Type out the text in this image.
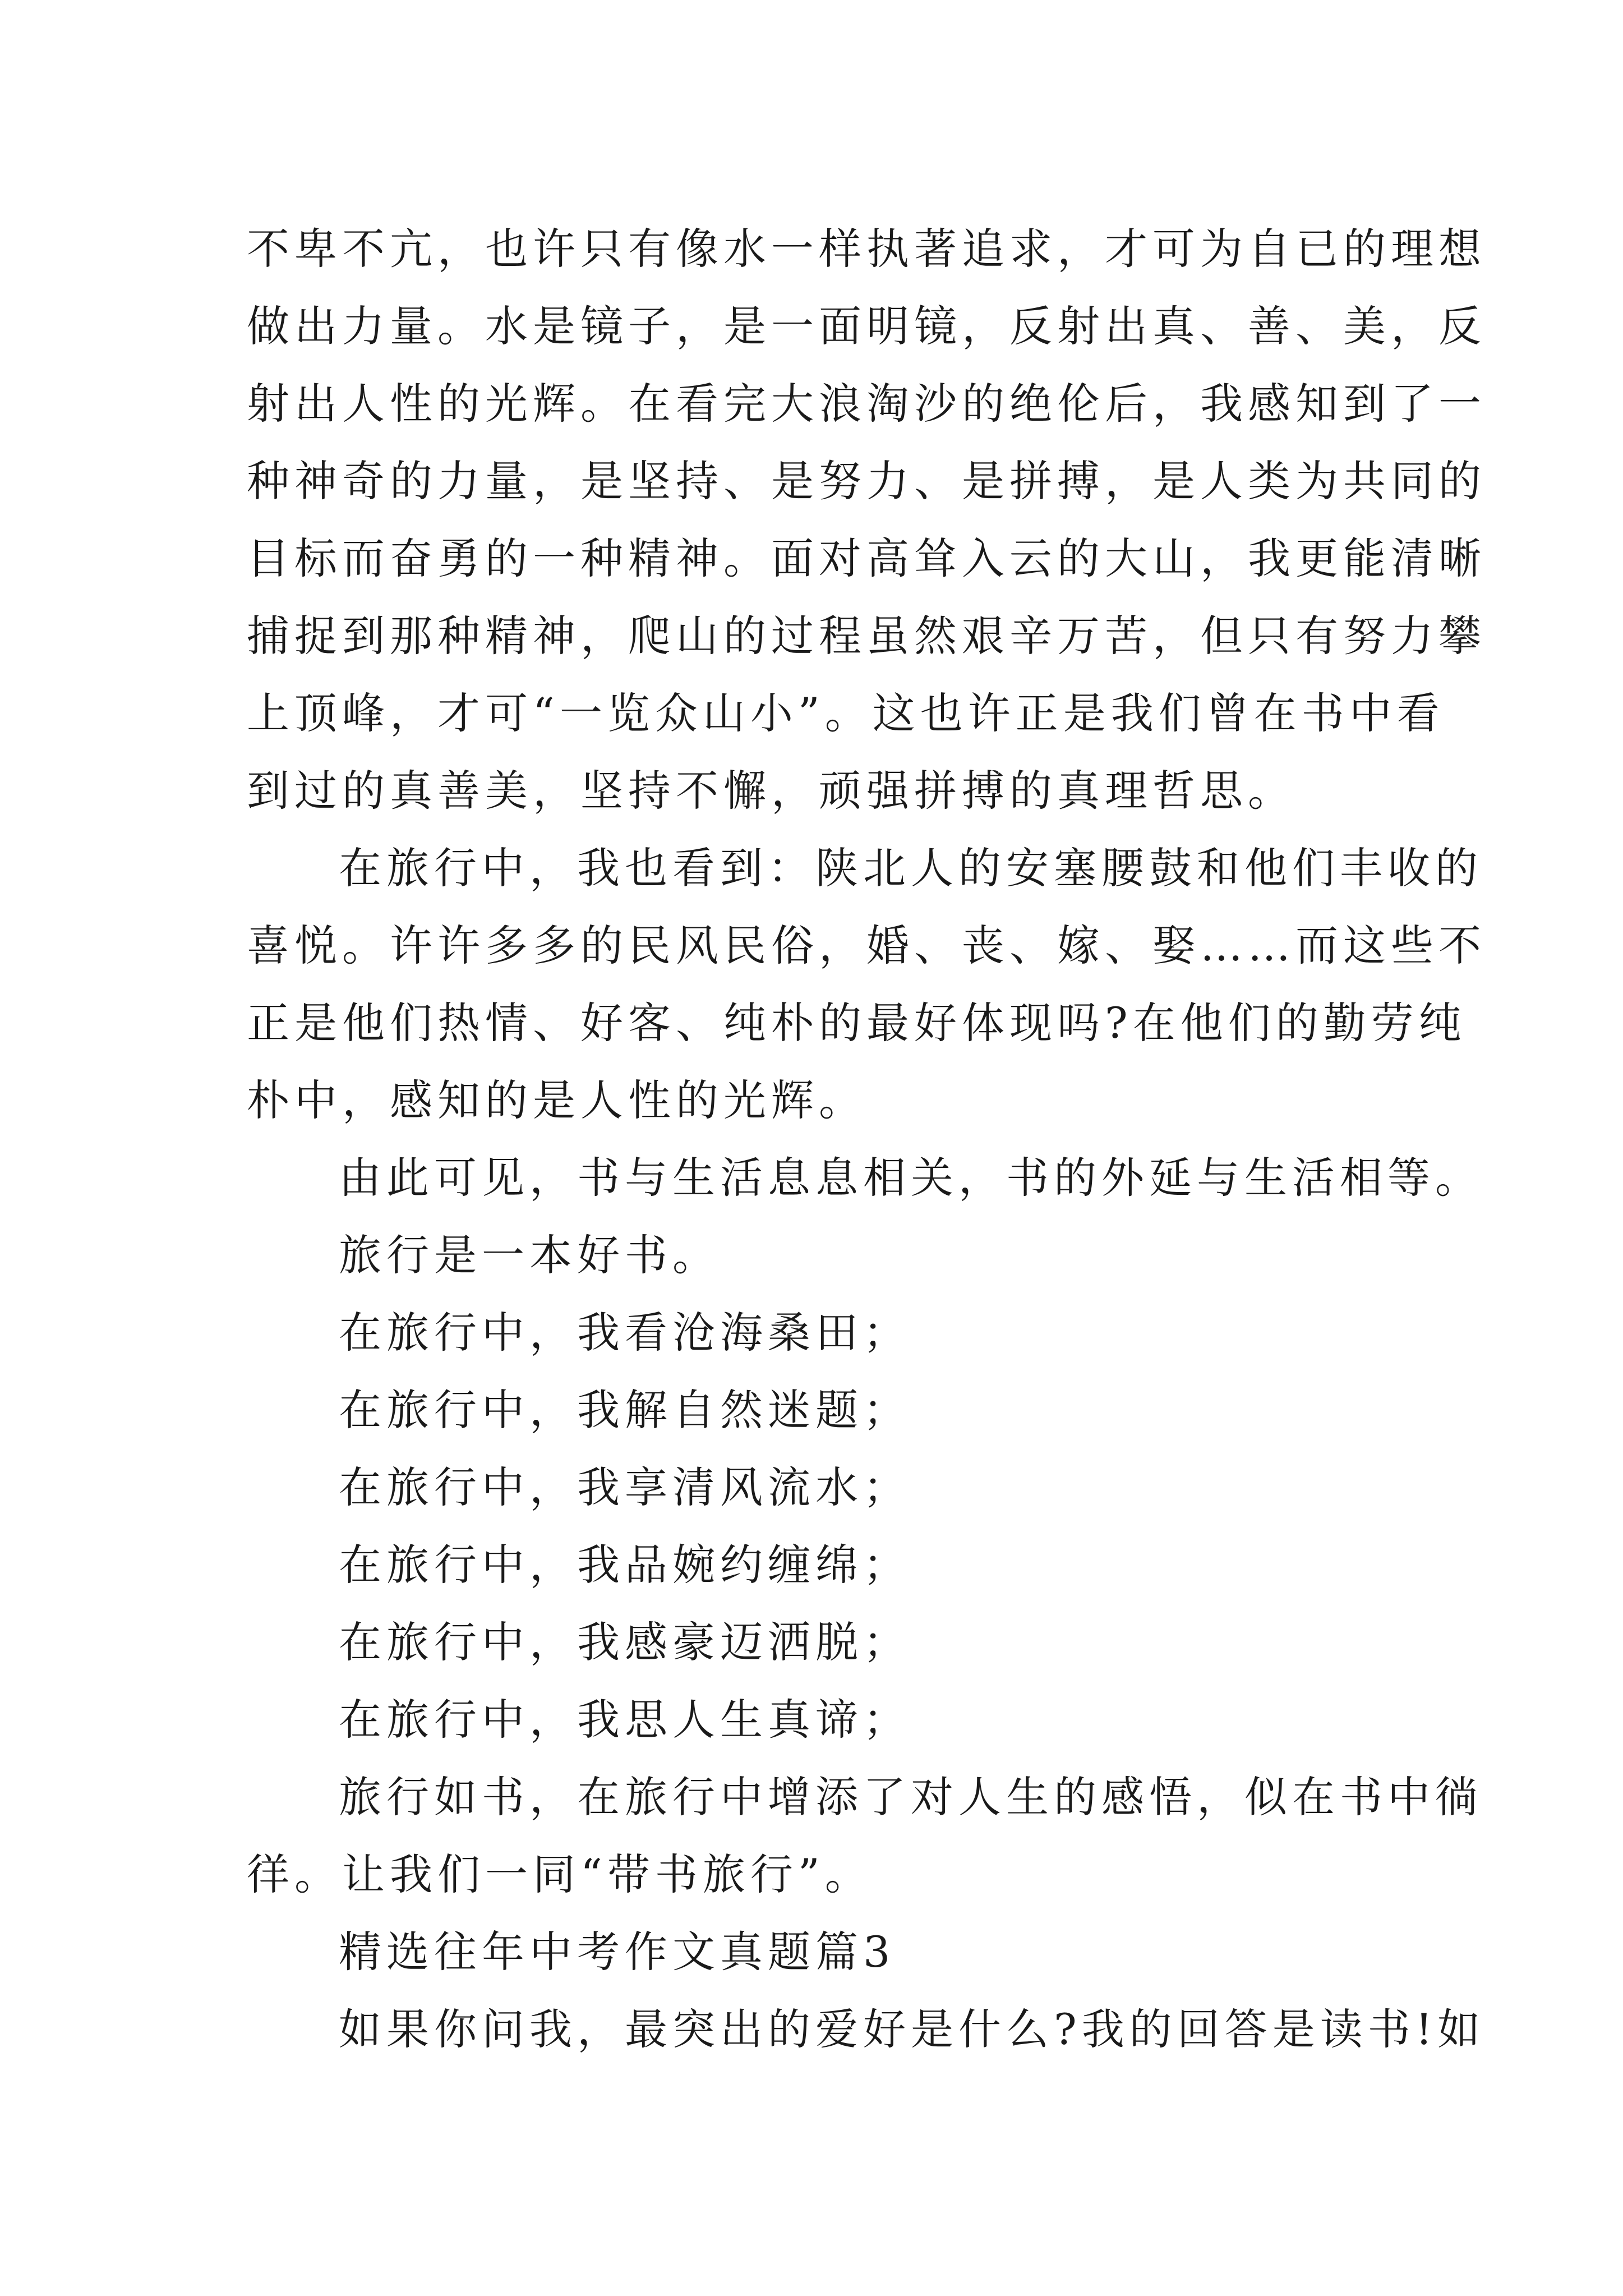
不卑不亢，也许只有像水一样执著追求，才可为自已的理想
做出力量。水是镜子，是一面明镜，反射出真、善、美，反
射出人性的光辉。在看完大浪淘沙的绝伦后，我感知到了一
种神奇的力量，是坚持、是努力、是拼搏，是人类为共同的
目标而奋勇的一种精神。面对高耸入云的大山，我更能清晰
捕捉到那种精神，爬山的过程虽然艰辛万苦，但只有努力攀
上顶峰，才可“一览众山小”。这也许正是我们曾在书中看
到过的真善美，坚持不懈，顽强拼搏的真理哲思。
在旅行中，我也看到：陕北人的安塞腰鼓和他们丰收的
喜悦。许许多多的民风民俗，婚、丧、嫁、娶……而这些不
正是他们热情、好客、纯朴的最好体现吗?在他们的勤劳纯
朴中，感知的是人性的光辉。
由此可见，书与生活息息相关，书的外延与生活相等。
旅行是一本好书。
在旅行中，我看沧海桑田；
在旅行中，我解自然迷题；
在旅行中，我享清风流水；
在旅行中，我品婉约缠绵；
在旅行中，我感豪迈洒脱；
在旅行中，我思人生真谛；
旅行如书，在旅行中增添了对人生的感悟，似在书中徜
徉。让我们一同“带书旅行”。
精选往年中考作文真题篇3
如果你问我，最突出的爱好是什么?我的回答是读书!如
